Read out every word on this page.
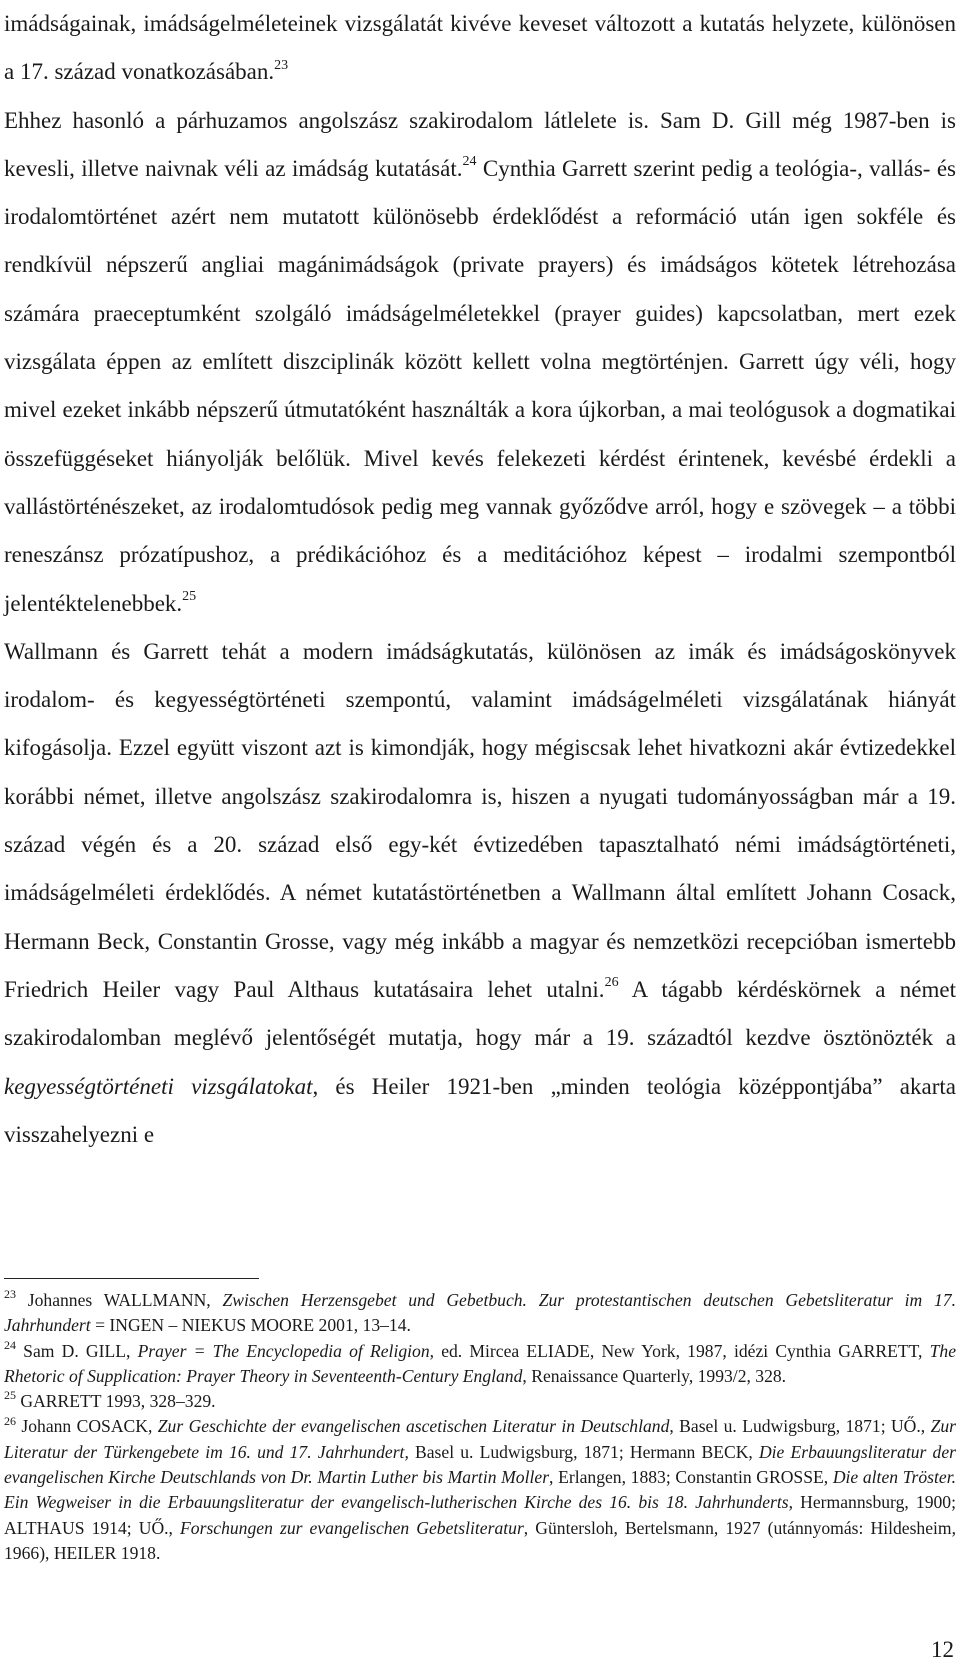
imádságainak, imádságelméleteinek vizsgálatát kivéve keveset változott a kutatás helyzete, különösen a 17. század vonatkozásában.$^{23}$

Ehhez hasonló a párhuzamos angolszász szakirodalom látlelete is. Sam D. Gill még 1987-ben is kevesli, illetve naivnak véli az imádság kutatását.$^{24}$ Cynthia Garrett szerint pedig a teológia-, vallás- és irodalomtörténet azért nem mutatott különösebb érdeklődést a reformáció után igen sokféle és rendkívül népszerű angliai magánimádságok (private prayers) és imádságos kötetek létrehozása számára praeceptumként szolgáló imádságelméletekkel (prayer guides) kapcsolatban, mert ezek vizsgálata éppen az említett diszciplinák között kellett volna megtörténjen. Garrett úgy véli, hogy mivel ezeket inkább népszerű útmutatóként használták a kora újkorban, a mai teológusok a dogmatikai összefüggéseket hiányolják belőlük. Mivel kevés felekezeti kérdést érintenek, kevésbé érdekli a vallástörténészeket, az irodalomtudósok pedig meg vannak győződve arról, hogy e szövegek – a többi reneszánsz prózatípushoz, a prédikációhoz és a meditációhoz képest – irodalmi szempontból jelentéktelenebbek.$^{25}$

Wallmann és Garrett tehát a modern imádságkutatás, különösen az imák és imádságoskönyvek irodalom- és kegyességtörténeti szempontú, valamint imádságelméleti vizsgálatának hiányát kifogásolja. Ezzel együtt viszont azt is kimondják, hogy mégiscsak lehet hivatkozni akár évtizedekkel korábbi német, illetve angolszász szakirodalomra is, hiszen a nyugati tudományosságban már a 19. század végén és a 20. század első egy-két évtizedében tapasztalható némi imádságtörténeti, imádságelméleti érdeklődés. A német kutatástörténetben a Wallmann által említett Johann Cosack, Hermann Beck, Constantin Grosse, vagy még inkább a magyar és nemzetközi recepcióban ismertebb Friedrich Heiler vagy Paul Althaus kutatásaira lehet utalni.$^{26}$ A tágabb kérdéskörnek a német szakirodalomban meglévő jelentőségét mutatja, hogy már a 19. századtól kezdve ösztönözték a kegyességtörténeti vizsgálatokat, és Heiler 1921-ben „minden teológia középpontjába” akarta visszahelyezni e

$^{23}$ Johannes WALLMANN, Zwischen Herzensgebet und Gebetbuch. Zur protestantischen deutschen Gebetsliteratur im 17. Jahrhundert = INGEN – NIEKUS MOORE 2001, 13–14.

$^{24}$ Sam D. GILL, Prayer = The Encyclopedia of Religion, ed. Mircea ELIADE, New York, 1987, idézi Cynthia GARRETT, The Rhetoric of Supplication: Prayer Theory in Seventeenth-Century England, Renaissance Quarterly, 1993/2, 328.

$^{25}$ GARRETT 1993, 328–329.

$^{26}$ Johann COSACK, Zur Geschichte der evangelischen ascetischen Literatur in Deutschland, Basel u. Ludwigsburg, 1871; UŐ., Zur Literatur der Türkengebete im 16. und 17. Jahrhundert, Basel u. Ludwigsburg, 1871; Hermann BECK, Die Erbauungsliteratur der evangelischen Kirche Deutschlands von Dr. Martin Luther bis Martin Moller, Erlangen, 1883; Constantin GROSSE, Die alten Tröster. Ein Wegweiser in die Erbauungsliteratur der evangelisch-lutherischen Kirche des 16. bis 18. Jahrhunderts, Hermannsburg, 1900; ALTHAUS 1914; UŐ., Forschungen zur evangelischen Gebetsliteratur, Güntersloh, Bertelsmann, 1927 (utánnyomás: Hildesheim, 1966), HEILER 1918.

12
